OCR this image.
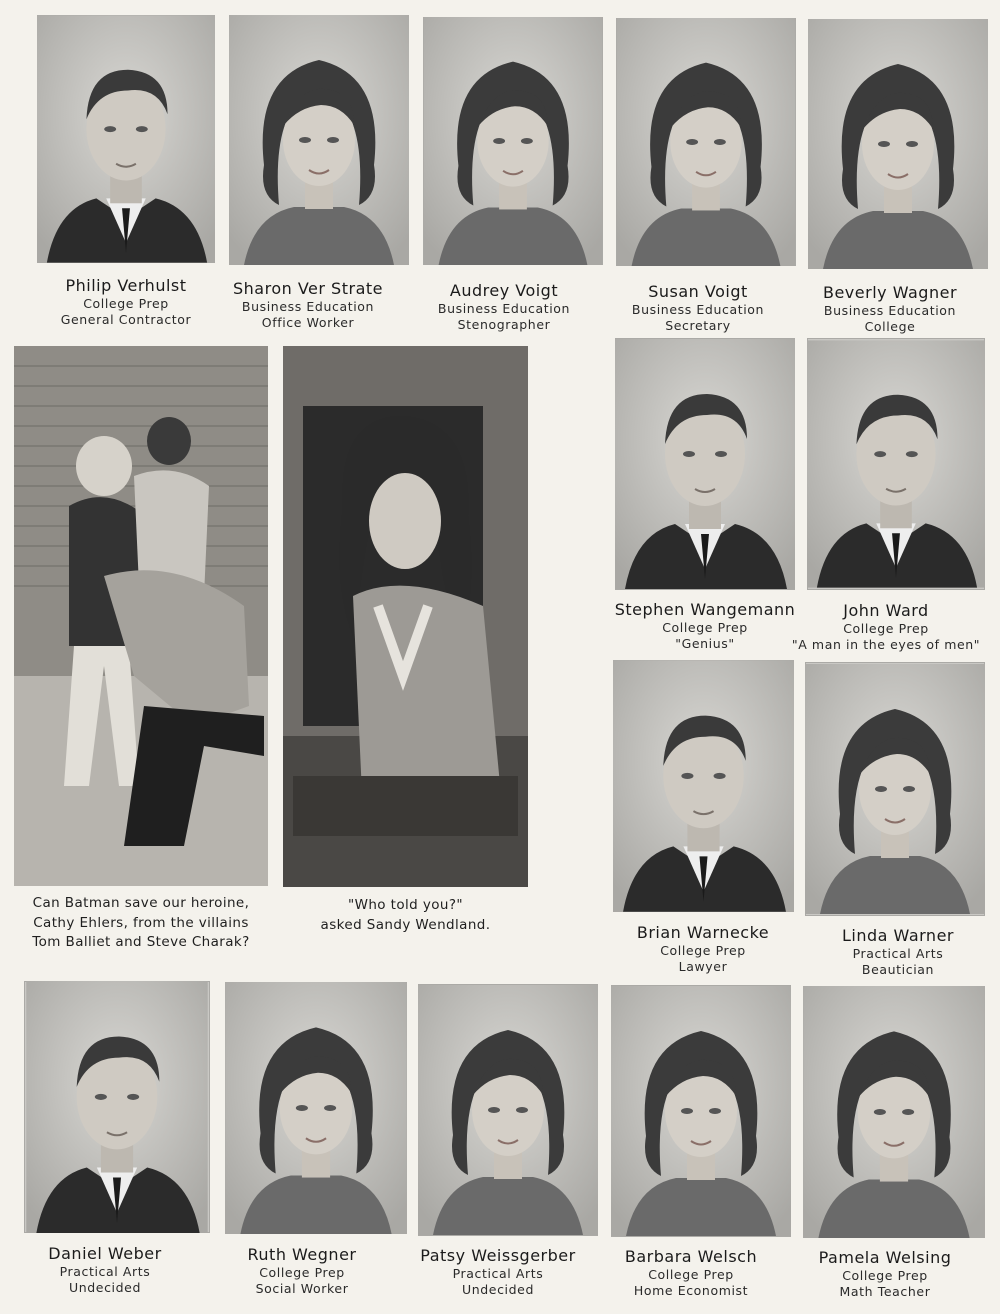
Philip Verhulst
College Prep
General Contractor
Sharon Ver Strate
Business Education
Office Worker
Audrey Voigt
Business Education
Stenographer
Susan Voigt
Business Education
Secretary
Beverly Wagner
Business Education
College
Can Batman save our heroine,
Cathy Ehlers, from the villains
Tom Balliet and Steve Charak?
"Who told you?"
asked Sandy Wendland.
Stephen Wangemann
College Prep
"Genius"
John Ward
College Prep
"A man in the eyes of men"
Brian Warnecke
College Prep
Lawyer
Linda Warner
Practical Arts
Beautician
Daniel Weber
Practical Arts
Undecided
Ruth Wegner
College Prep
Social Worker
Patsy Weissgerber
Practical Arts
Undecided
Barbara Welsch
College Prep
Home Economist
Pamela Welsing
College Prep
Math Teacher
